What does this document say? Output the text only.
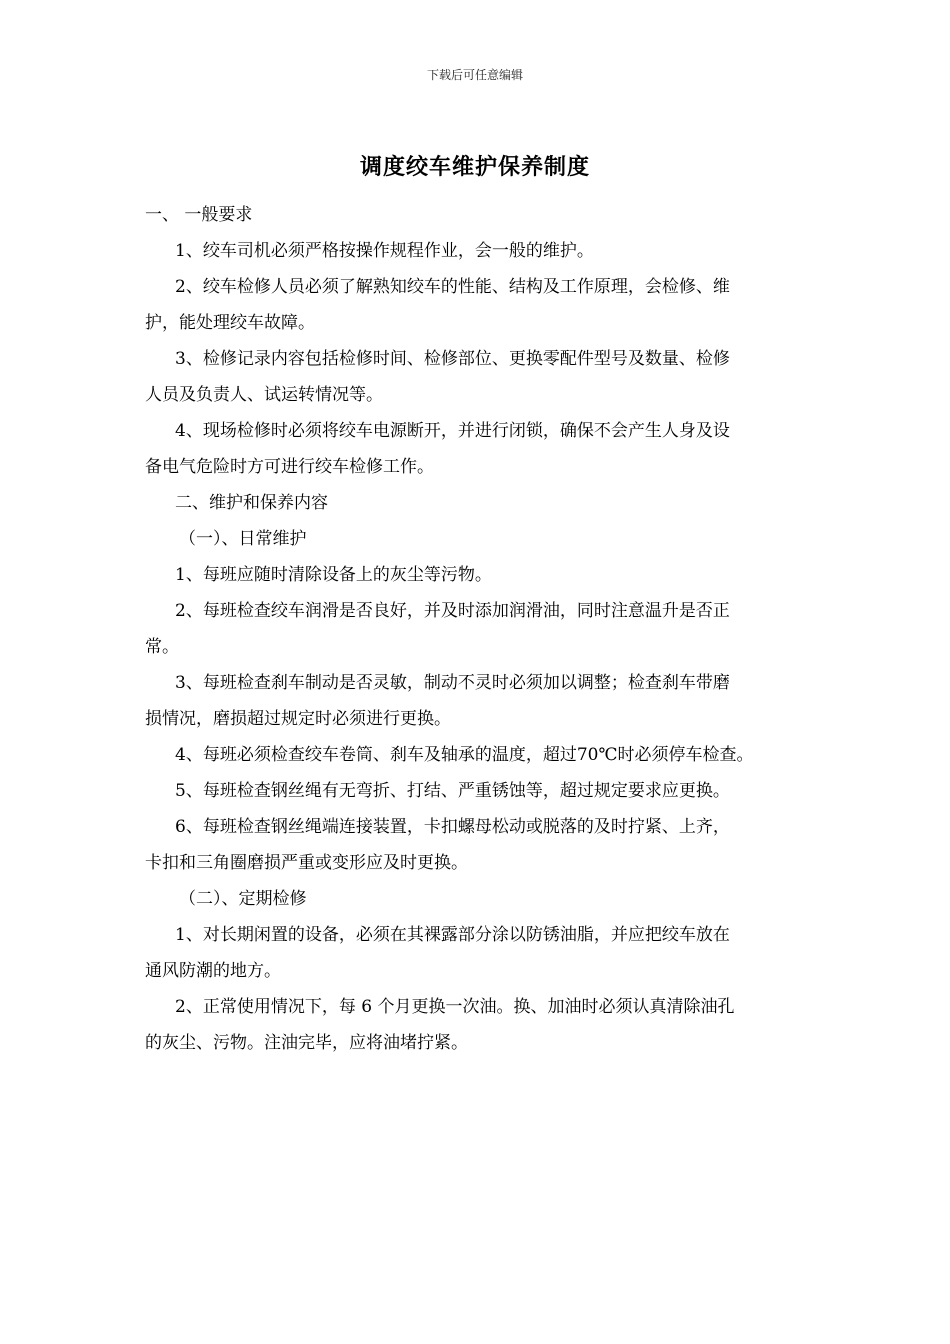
下载后可任意编辑
调度绞车维护保养制度

一、 一般要求

1、绞车司机必须严格按操作规程作业，会一般的维护。

2、绞车检修人员必须了解熟知绞车的性能、结构及工作原理，会检修、维

护，能处理绞车故障。

3、检修记录内容包括检修时间、检修部位、更换零配件型号及数量、检修

人员及负责人、试运转情况等。

4、现场检修时必须将绞车电源断开，并进行闭锁，确保不会产生人身及设

备电气危险时方可进行绞车检修工作。

二、维护和保养内容

（一）、日常维护

1、每班应随时清除设备上的灰尘等污物。

2、每班检查绞车润滑是否良好，并及时添加润滑油，同时注意温升是否正

常。

3、每班检查刹车制动是否灵敏，制动不灵时必须加以调整；检查刹车带磨

损情况，磨损超过规定时必须进行更换。

4、每班必须检查绞车卷筒、刹车及轴承的温度，超过70℃时必须停车检查。

5、每班检查钢丝绳有无弯折、打结、严重锈蚀等，超过规定要求应更换。

6、每班检查钢丝绳端连接装置，卡扣螺母松动或脱落的及时拧紧、上齐，

卡扣和三角圈磨损严重或变形应及时更换。

（二）、定期检修

1、对长期闲置的设备，必须在其裸露部分涂以防锈油脂，并应把绞车放在

通风防潮的地方。

2、正常使用情况下，每 6 个月更换一次油。换、加油时必须认真清除油孔

的灰尘、污物。注油完毕，应将油堵拧紧。
